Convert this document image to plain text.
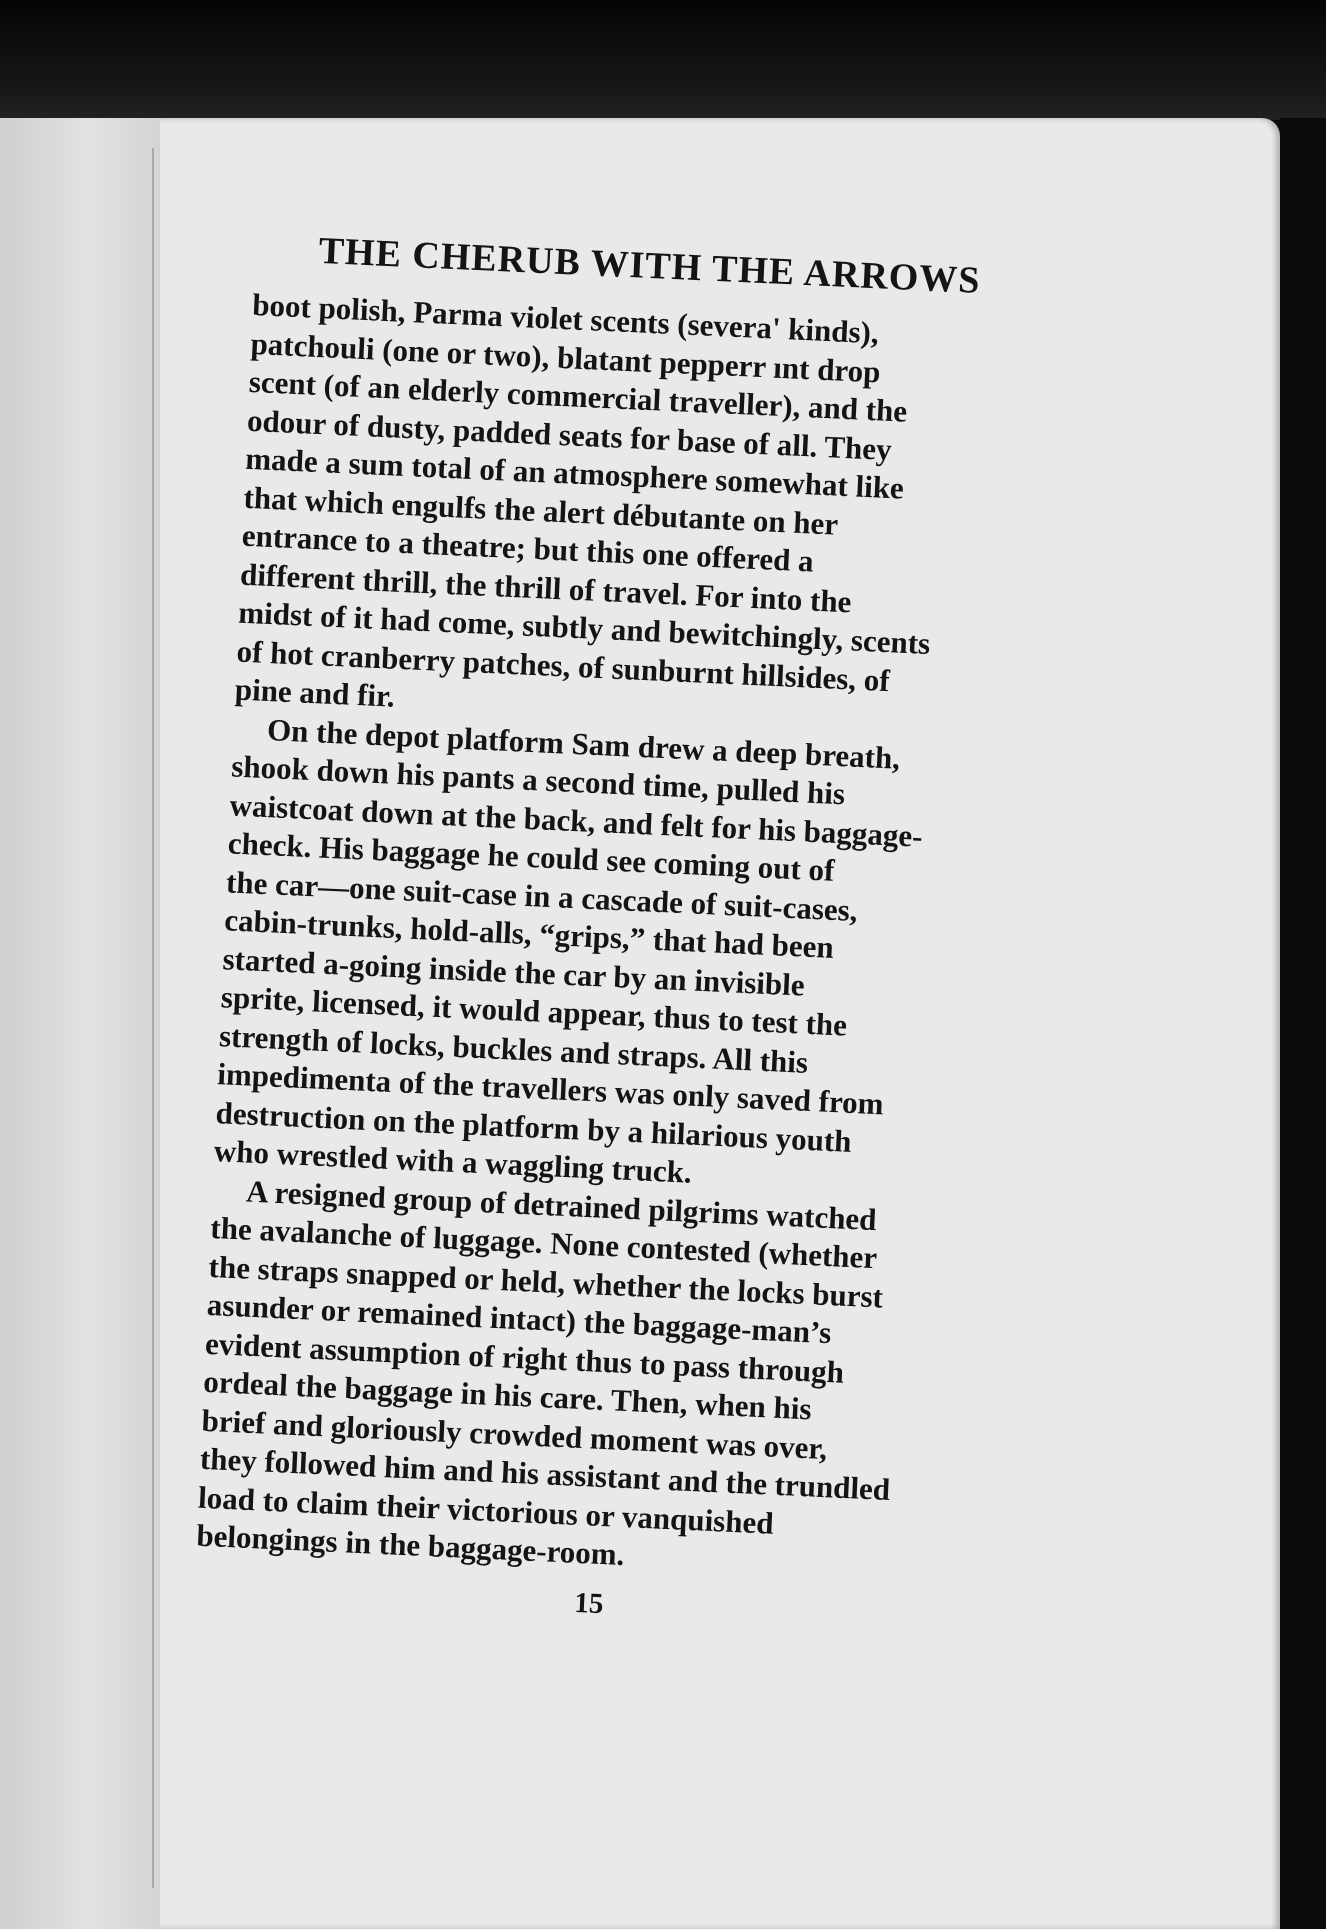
THE CHERUB WITH THE ARROWS

boot polish, Parma violet scents (severa' kinds),
patchouli (one or two), blatant pepperr ınt drop
scent (of an elderly commercial traveller), and the
odour of dusty, padded seats for base of all. They
made a sum total of an atmosphere somewhat like
that which engulfs the alert débutante on her
entrance to a theatre; but this one offered a
different thrill, the thrill of travel. For into the
midst of it had come, subtly and bewitchingly, scents
of hot cranberry patches, of sunburnt hillsides, of
pine and fir.

On the depot platform Sam drew a deep breath,
shook down his pants a second time, pulled his
waistcoat down at the back, and felt for his baggage-
check. His baggage he could see coming out of
the car—one suit-case in a cascade of suit-cases,
cabin-trunks, hold-alls, “grips,” that had been
started a-going inside the car by an invisible
sprite, licensed, it would appear, thus to test the
strength of locks, buckles and straps. All this
impedimenta of the travellers was only saved from
destruction on the platform by a hilarious youth
who wrestled with a waggling truck.

A resigned group of detrained pilgrims watched
the avalanche of luggage. None contested (whether
the straps snapped or held, whether the locks burst
asunder or remained intact) the baggage-man’s
evident assumption of right thus to pass through
ordeal the baggage in his care. Then, when his
brief and gloriously crowded moment was over,
they followed him and his assistant and the trundled
load to claim their victorious or vanquished
belongings in the baggage-room.

15
